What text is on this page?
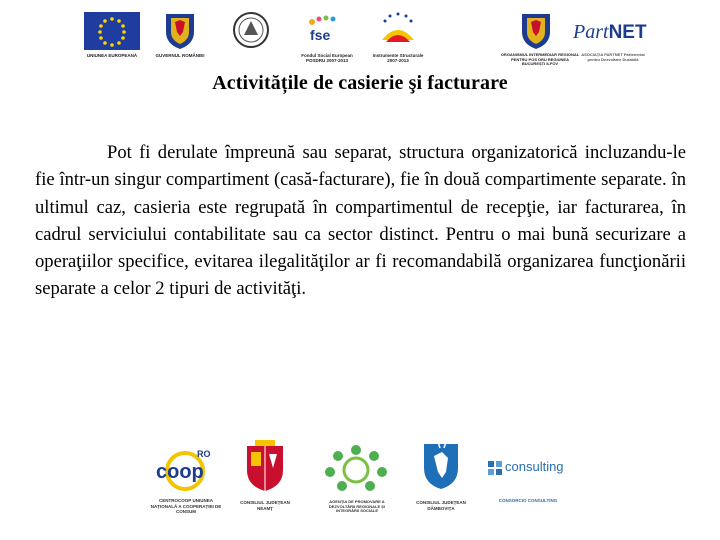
UNIUNEA EUROPEANĂ	GUVERNUL ROMÂNIEI
fse
Fondul Social European POSDRU 2007-2013
Instrumente Structurale 2007-2013
ORGANISMUL INTERMEDIAR REGIONAL PENTRU POS DRU REGIUNEA BUCUREȘTI ILFOV
ASOCIAȚIA PARTNET Parteneriat pentru Dezvoltare Durabilă
PartNET
Activitățile de casierie şi facturare

Pot fi derulate împreună sau separat, structura organizatorică incluzandu-le fie într-un singur compartiment (casă-facturare), fie în două compartimente separate. în ultimul caz, casieria este regrupată în compartimentul de recepţie, iar facturarea, în cadrul serviciului contabilitate sau ca sector distinct. Pentru o mai bună securizare a operaţiilor specifice, evitarea ilegalităţilor ar fi recomandabilă organizarea funcţionării separate a celor 2 tipuri de activităţi.

RO
coop
CENTROCOOP UNIUNEA NAȚIONALĂ A COOPERAȚIEI DE CONSUM
CONSILIUL JUDEȚEAN NEAMȚ
AGENȚIA DE PROMOVARE A DEZVOLTĂRII REGIONALE ȘI INTEGRĂRII SOCIALE
CONSILIUL JUDEȚEAN DÂMBOVIȚA
consulting
CONSORCIO CONSULTING
